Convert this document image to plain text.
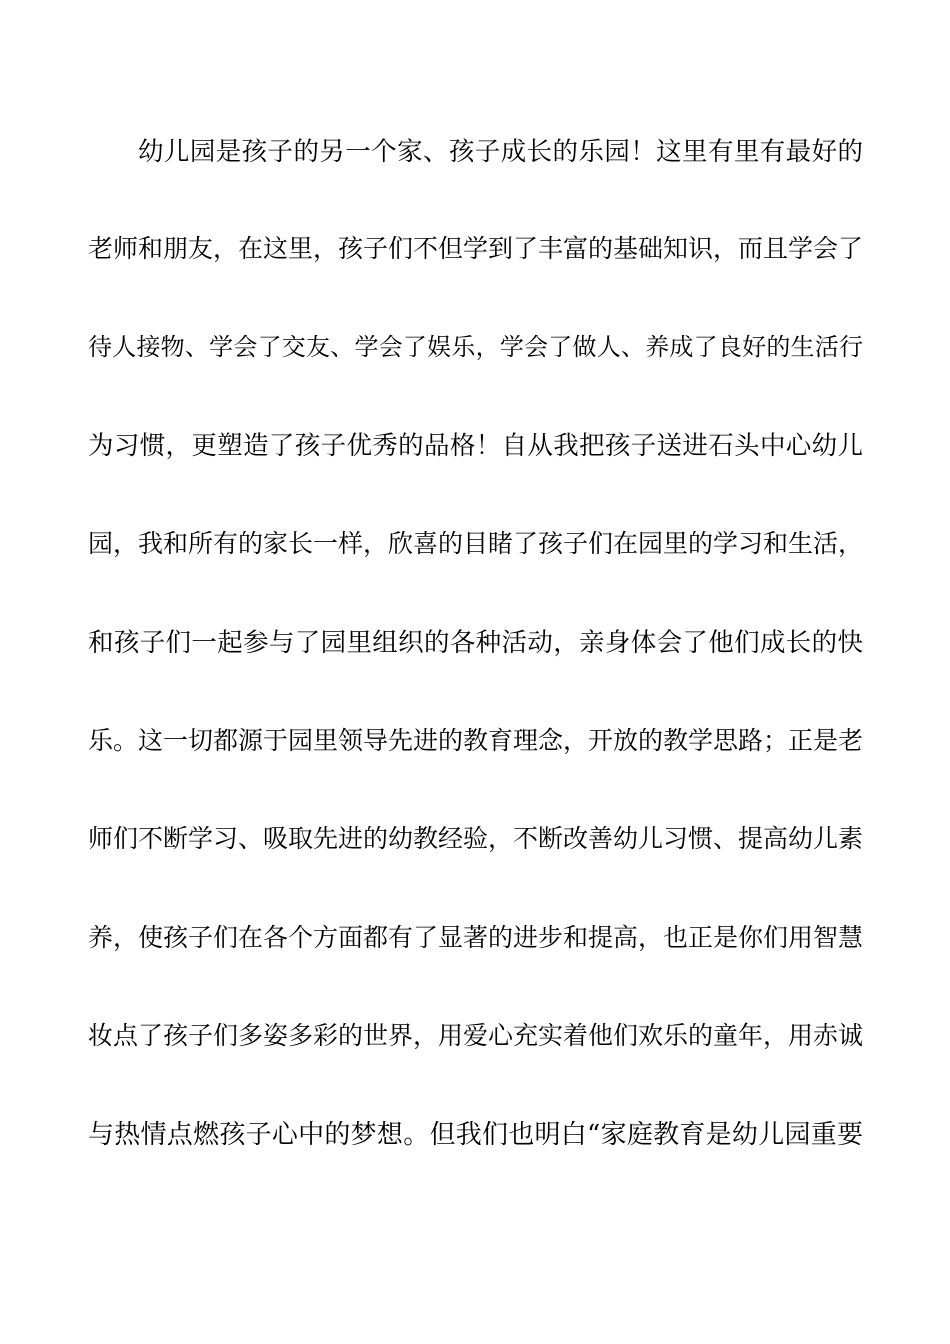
幼儿园是孩子的另一个家、孩子成长的乐园！这里有里有最好的
老师和朋友，在这里，孩子们不但学到了丰富的基础知识，而且学会了
待人接物、学会了交友、学会了娱乐，学会了做人、养成了良好的生活行
为习惯，更塑造了孩子优秀的品格！自从我把孩子送进石头中心幼儿
园，我和所有的家长一样，欣喜的目睹了孩子们在园里的学习和生活，
和孩子们一起参与了园里组织的各种活动，亲身体会了他们成长的快
乐。这一切都源于园里领导先进的教育理念，开放的教学思路；正是老
师们不断学习、吸取先进的幼教经验，不断改善幼儿习惯、提高幼儿素
养，使孩子们在各个方面都有了显著的进步和提高，也正是你们用智慧
妆点了孩子们多姿多彩的世界，用爱心充实着他们欢乐的童年，用赤诚
与热情点燃孩子心中的梦想。但我们也明白“家庭教育是幼儿园重要
